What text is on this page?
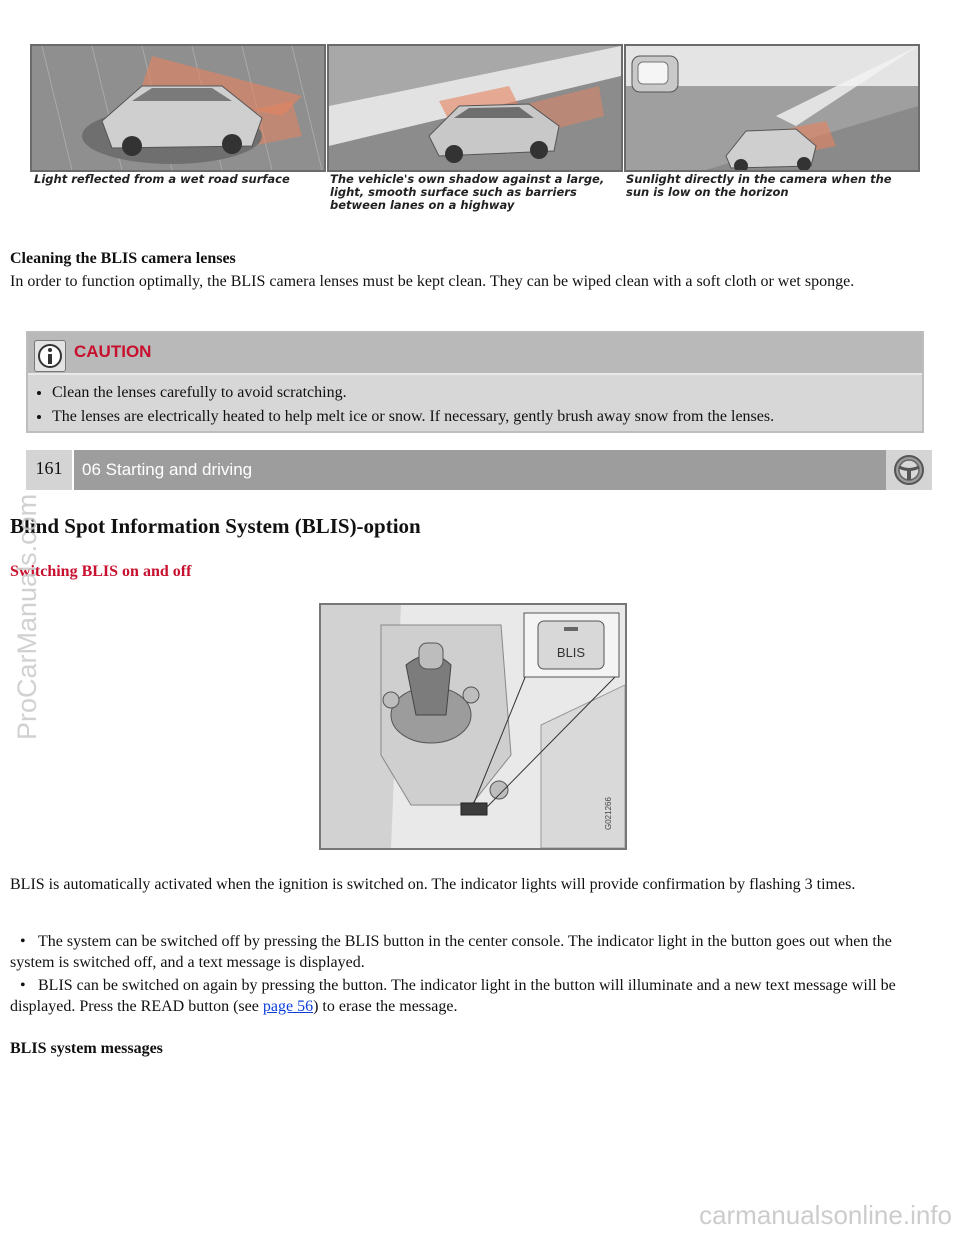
Light reflected from a wet road surface	The vehicle's own shadow against a large, light, smooth surface such as barriers between lanes on a highway
Sunlight directly in the camera when the sun is low on the horizon
Cleaning the BLIS camera lenses
In order to function optimally, the BLIS camera lenses must be kept clean. They can be wiped clean with a soft cloth or wet sponge.
CAUTION
• Clean the lenses carefully to avoid scratching.
• The lenses are electrically heated to help melt ice or snow. If necessary, gently brush away snow from the lenses.
161	06 Starting and driving
Blind Spot Information System (BLIS)-option
Switching BLIS on and off
BLIS
G021266
BLIS is automatically activated when the ignition is switched on. The indicator lights will provide confirmation by flashing 3 times.
• The system can be switched off by pressing the BLIS button in the center console. The indicator light in the button goes out when the system is switched off, and a text message is displayed.
• BLIS can be switched on again by pressing the button. The indicator light in the button will illuminate and a new text message will be displayed. Press the READ button (see page 56) to erase the message.
BLIS system messages
ProCarManuals.com
carmanualsonline.info
